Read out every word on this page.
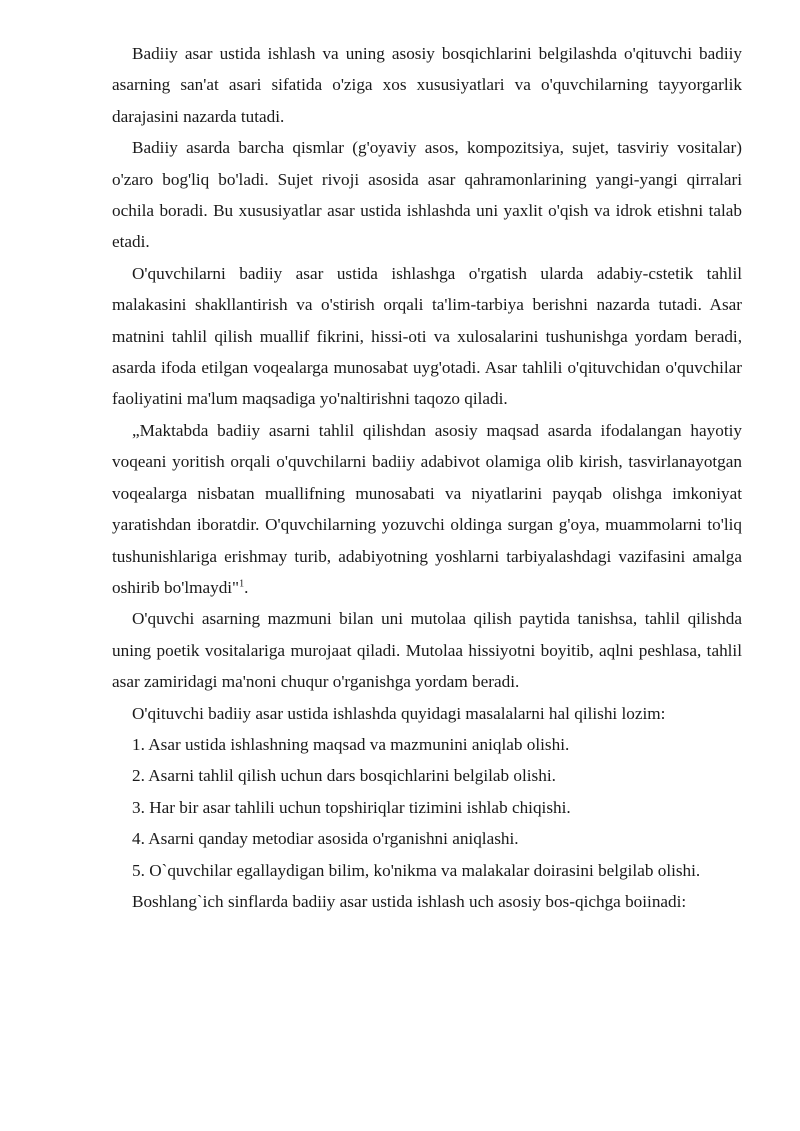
Badiiy asar ustida ishlash va uning asosiy bosqichlarini belgilashda o'qituvchi badiiy asarning san'at asari sifatida o'ziga xos xususiyatlari va o'quvchilarning tayyorgarlik darajasini nazarda tutadi.

Badiiy asarda barcha qismlar (g'oyaviy asos, kompozitsiya, sujet, tasviriy vositalar) o'zaro bog'liq bo'ladi. Sujet rivoji asosida asar qahramonlarining yangi-yangi qirralari ochila boradi. Bu xususiyatlar asar ustida ishlashda uni yaxlit o'qish va idrok etishni talab etadi.

O'quvchilarni badiiy asar ustida ishlashga o'rgatish ularda adabiy-cstetik tahlil malakasini shakllantirish va o'stirish orqali ta'lim-tarbiya berishni nazarda tutadi. Asar matnini tahlil qilish muallif fikrini, hissi-oti va xulosalarini tushunishga yordam beradi, asarda ifoda etilgan voqealarga munosabat uyg'otadi. Asar tahlili o'qituvchidan o'quvchilar faoliyatini ma'lum maqsadiga yo'naltirishni taqozo qiladi.

„Maktabda badiiy asarni tahlil qilishdan asosiy maqsad asarda ifodalangan hayotiy voqeani yoritish orqali o'quvchilarni badiiy adabivot olamiga olib kirish, tasvirlanayotgan voqealarga nisbatan muallifning munosabati va niyatlarini payqab olishga imkoniyat yaratishdan iboratdir. O'quvchilarning yozuvchi oldinga surgan g'oya, muammolarni to'liq tushunishlariga erishmay turib, adabiyotning yoshlarni tarbiyalashdagi vazifasini amalga oshirib bo'lmaydi"$^1$.

O'quvchi asarning mazmuni bilan uni mutolaa qilish paytida tanishsa, tahlil qilishda uning poetik vositalariga murojaat qiladi. Mutolaa hissiyotni boyitib, aqlni peshlasa, tahlil asar zamiridagi ma'noni chuqur o'rganishga yordam beradi.

O'qituvchi badiiy asar ustida ishlashda quyidagi masalalarni hal qilishi lozim:

1. Asar ustida ishlashning maqsad va mazmunini aniqlab olishi.

2. Asarni tahlil qilish uchun dars bosqichlarini belgilab olishi.

3. Har bir asar tahlili uchun topshiriqlar tizimini ishlab chiqishi.

4. Asarni qanday metodiar asosida o'rganishni aniqlashi.

5. O`quvchilar egallaydigan bilim, ko'nikma va malakalar doirasini belgilab olishi.

Boshlang`ich sinflarda badiiy asar ustida ishlash uch asosiy bos-qichga boiinadi:
